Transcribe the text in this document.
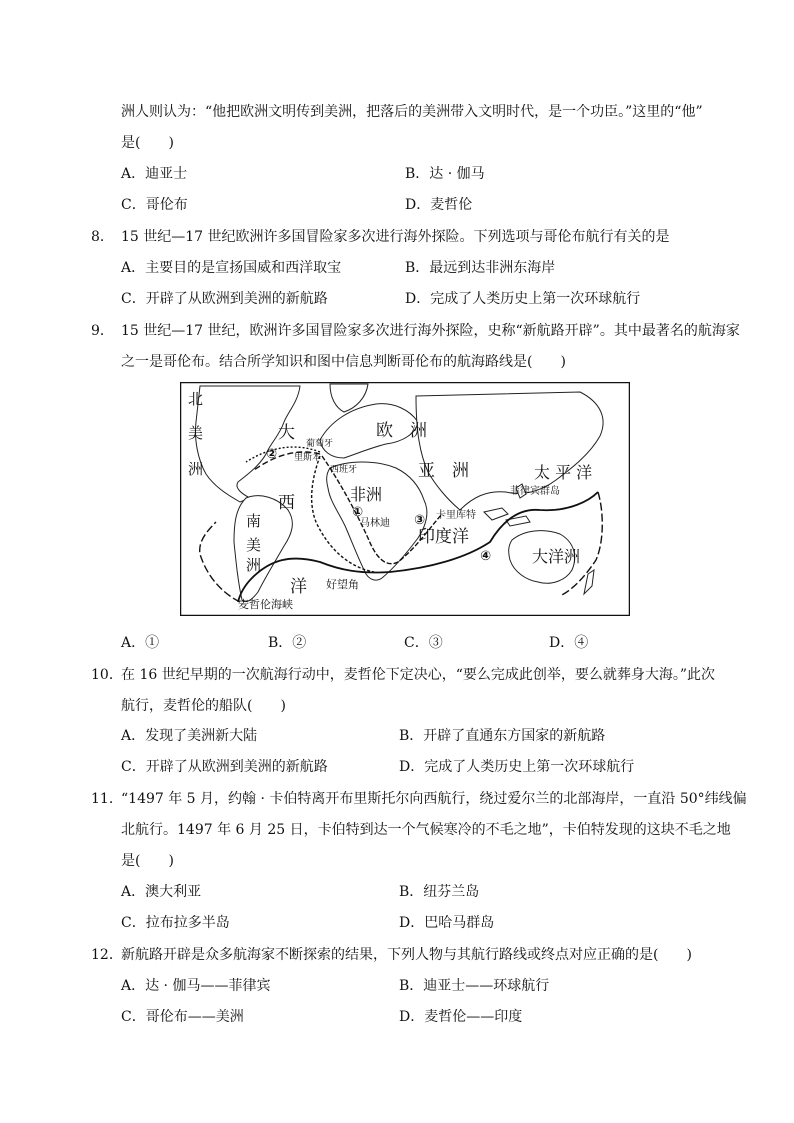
洲人则认为：“他把欧洲文明传到美洲，把落后的美洲带入文明时代，是一个功臣。”这里的“他”
是(　　)
A．迪亚士	B．达 · 伽马
C．哥伦布	D．麦哲伦
8． 15 世纪—17 世纪欧洲许多国冒险家多次进行海外探险。下列选项与哥伦布航行有关的是
A．主要目的是宣扬国威和西洋取宝	B．最远到达非洲东海岸
C．开辟了从欧洲到美洲的新航路	D．完成了人类历史上第一次环球航行
9． 15 世纪—17 世纪，欧洲许多国冒险家多次进行海外探险，史称“新航路开辟”。其中最著名的航海家
之一是哥伦布。结合所学知识和图中信息判断哥伦布的航海路线是(　　)
北
美
洲
大
西
洋
南
美
洲
欧　洲
亚　洲
非洲
印度洋
太 平 洋
大洋洲
葡萄牙
里斯本
西班牙
马林迪
卡里库特
菲律宾群岛
好望角
麦哲伦海峡
①
②
③
④
A．①	B．②	C．③	D．④
10．
在 16 世纪早期的一次航海行动中，麦哲伦下定决心，“要么完成此创举，要么就葬身大海。”此次
航行，麦哲伦的船队(　　)
A．发现了美洲新大陆	B．开辟了直通东方国家的新航路
C．开辟了从欧洲到美洲的新航路	D．完成了人类历史上第一次环球航行
11．
“1497 年 5 月，约翰 · 卡伯特离开布里斯托尔向西航行，绕过爱尔兰的北部海岸，一直沿 50°纬线偏
北航行。1497 年 6 月 25 日，卡伯特到达一个气候寒冷的不毛之地”，卡伯特发现的这块不毛之地
是(　　)
A．澳大利亚	B．纽芬兰岛
C．拉布拉多半岛	D．巴哈马群岛
12．
新航路开辟是众多航海家不断探索的结果，下列人物与其航行路线或终点对应正确的是(　　)
A．达 · 伽马——菲律宾	B．迪亚士——环球航行
C．哥伦布——美洲	D．麦哲伦——印度
